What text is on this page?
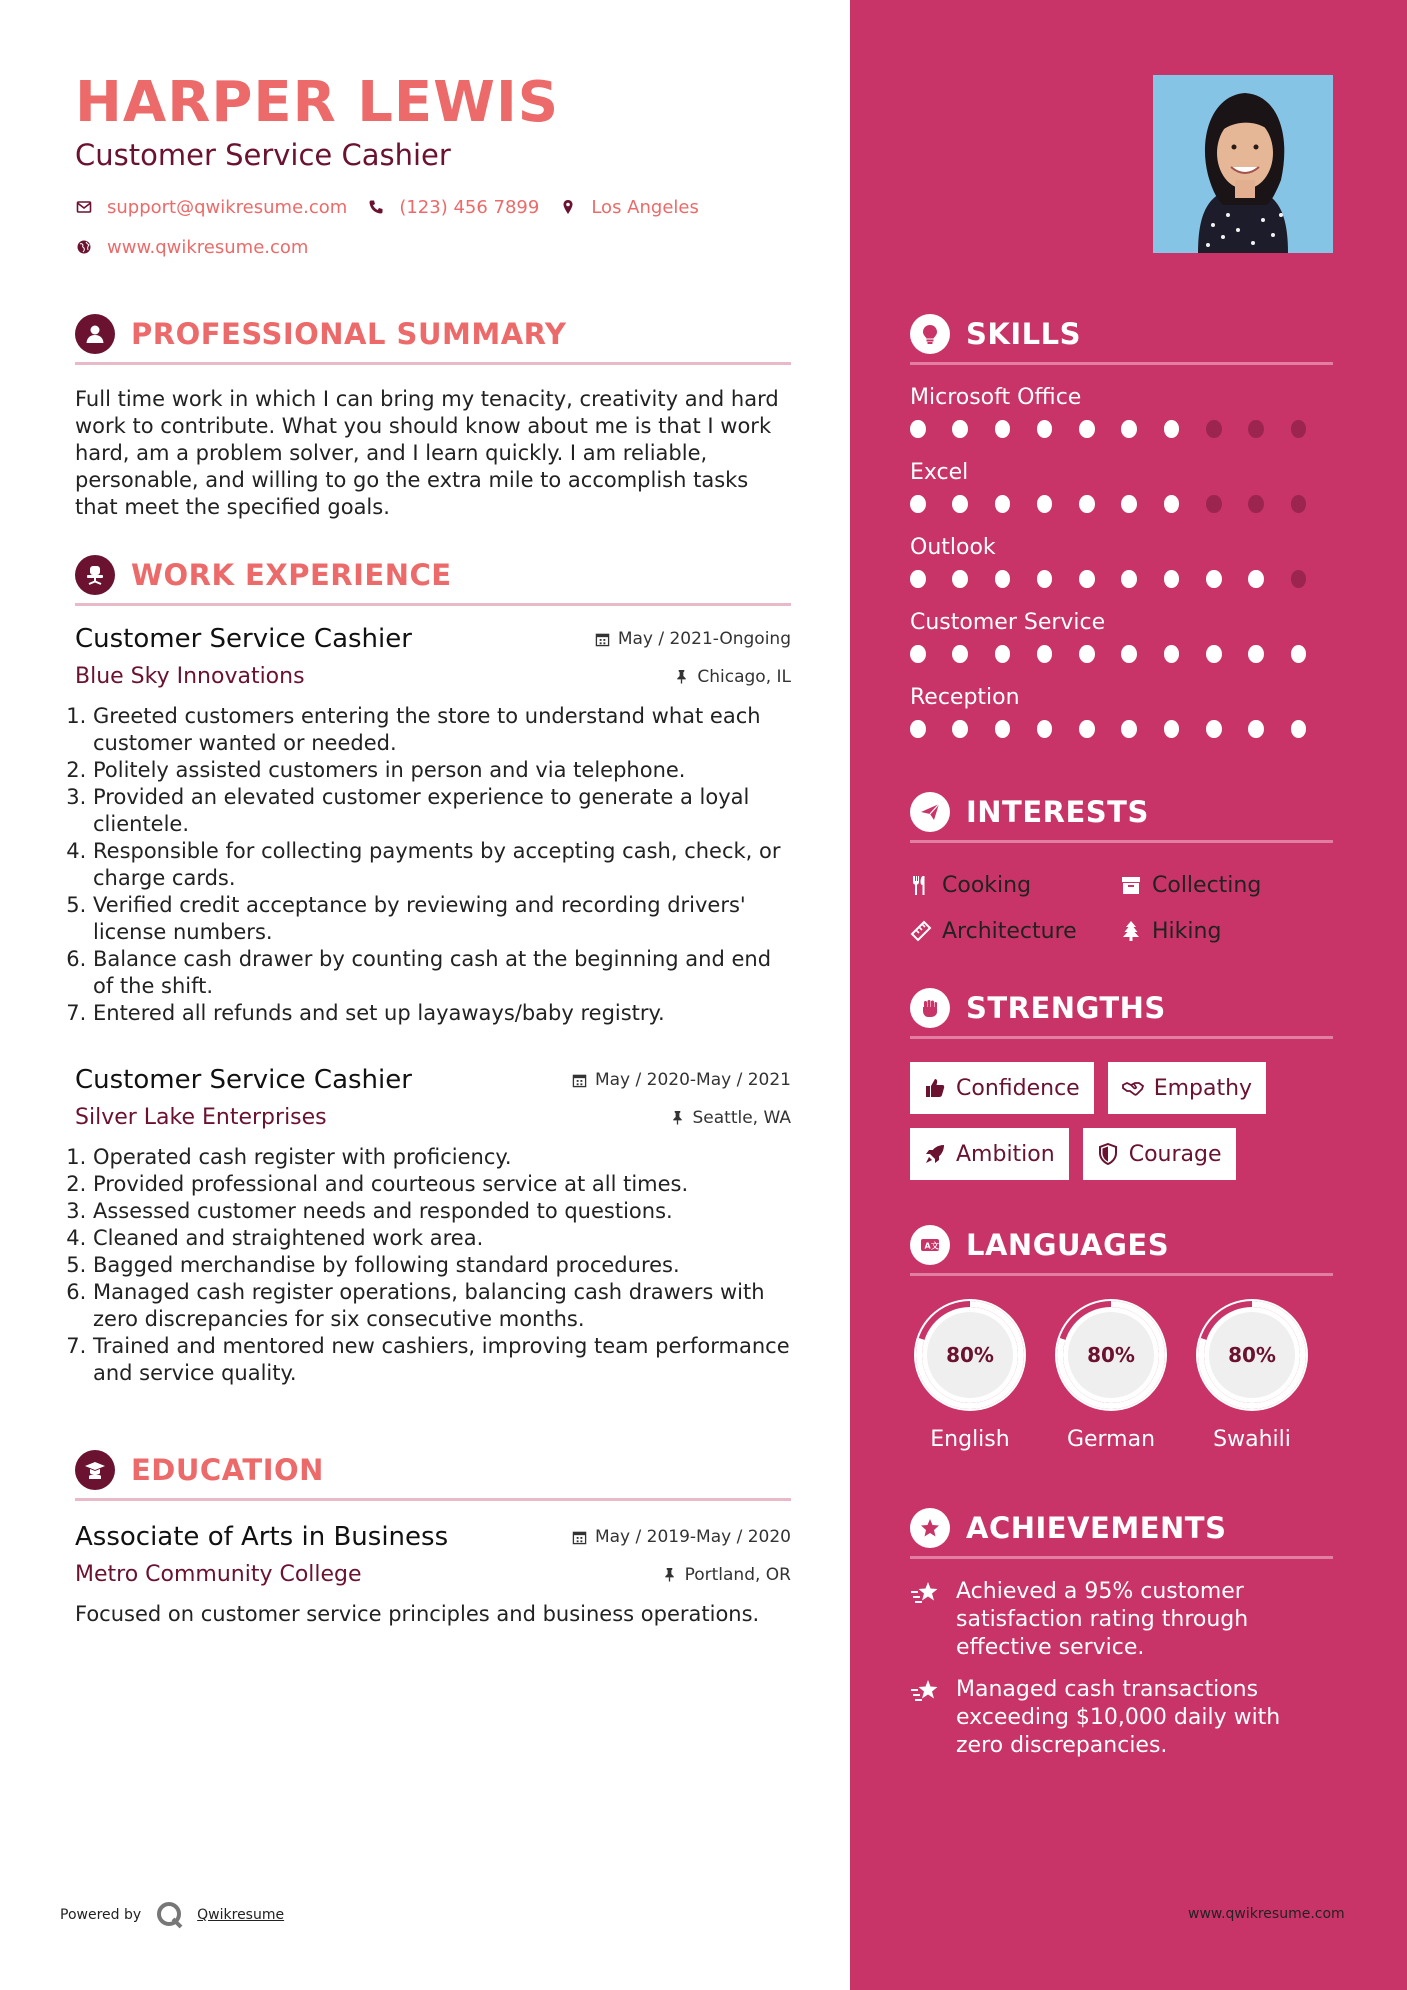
HARPER LEWIS
Customer Service Cashier
support@qwikresume.com	(123) 456 7899	Los Angeles
www.qwikresume.com
PROFESSIONAL SUMMARY
Full time work in which I can bring my tenacity, creativity and hard work to contribute. What you should know about me is that I work hard, am a problem solver, and I learn quickly. I am reliable, personable, and willing to go the extra mile to accomplish tasks that meet the specified goals.
WORK EXPERIENCE
Customer Service Cashier	May / 2021-Ongoing
Blue Sky Innovations	Chicago, IL
1. Greeted customers entering the store to understand what each customer wanted or needed.
2. Politely assisted customers in person and via telephone.
3. Provided an elevated customer experience to generate a loyal clientele.
4. Responsible for collecting payments by accepting cash, check, or charge cards.
5. Verified credit acceptance by reviewing and recording drivers' license numbers.
6. Balance cash drawer by counting cash at the beginning and end of the shift.
7. Entered all refunds and set up layaways/baby registry.
Customer Service Cashier	May / 2020-May / 2021
Silver Lake Enterprises	Seattle, WA
1. Operated cash register with proficiency.
2. Provided professional and courteous service at all times.
3. Assessed customer needs and responded to questions.
4. Cleaned and straightened work area.
5. Bagged merchandise by following standard procedures.
6. Managed cash register operations, balancing cash drawers with zero discrepancies for six consecutive months.
7. Trained and mentored new cashiers, improving team performance and service quality.
EDUCATION
Associate of Arts in Business	May / 2019-May / 2020
Metro Community College	Portland, OR
Focused on customer service principles and business operations.
Powered by	Qwikresume
SKILLS
Microsoft Office
Excel
Outlook
Customer Service
Reception
INTERESTS
Cooking	Collecting
Architecture	Hiking
STRENGTHS
Confidence	Empathy
Ambition	Courage
A 文 LANGUAGES
80%
English
80%
German
80%
Swahili
ACHIEVEMENTS
Achieved a 95% customer satisfaction rating through effective service.
Managed cash transactions exceeding $10,000 daily with zero discrepancies.
www.qwikresume.com
